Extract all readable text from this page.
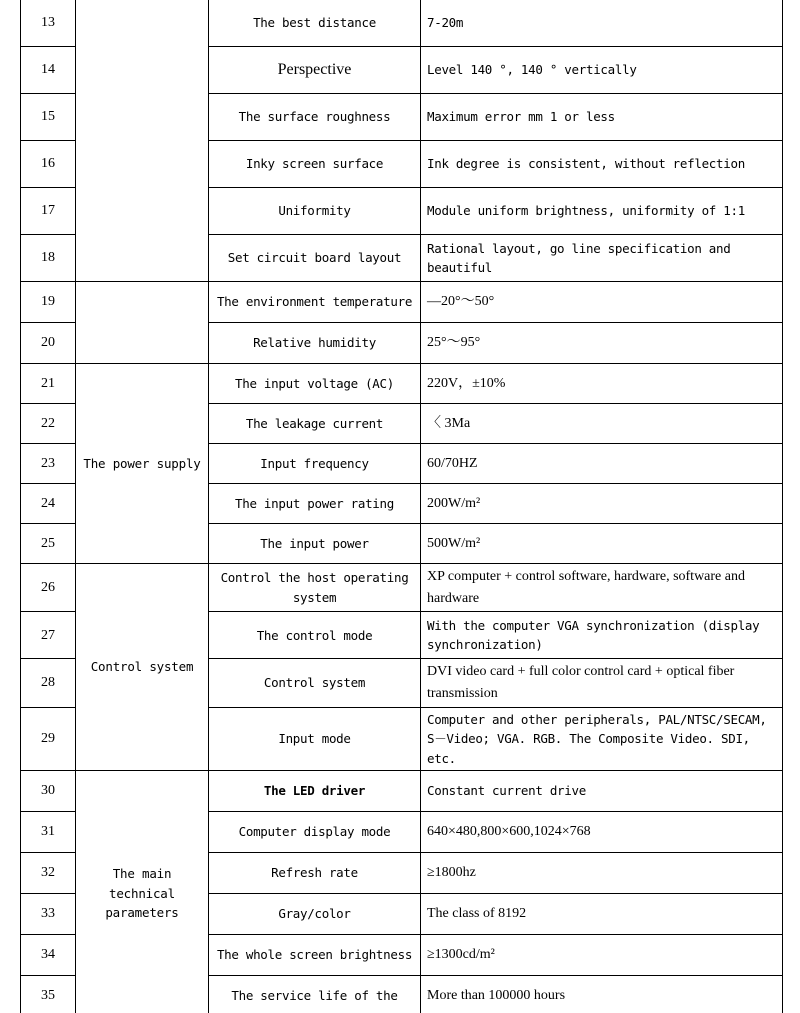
13		The best distance	7-20m
14		Perspective	Level 140 °, 140 ° vertically
15		The surface roughness	Maximum error mm 1 or less
16		Inky screen surface	Ink degree is consistent, without reflection
17		Uniformity	Module uniform brightness, uniformity of 1:1
18		Set circuit board layout	Rational layout, go line specification and beautiful
19		The environment temperature	—20°〜50°
20		Relative humidity	25°〜95°
21	The power supply	The input voltage (AC)	220V，±10%
22		The leakage current	〈 3Ma
23		Input frequency	60/70HZ
24		The input power rating	200W/m²
25		The input power	500W/m²
26	Control system	Control the host operating system	XP computer + control software, hardware, software and hardware
27		The control mode	With the computer VGA synchronization (display synchronization)
28		Control system	DVI video card + full color control card + optical fiber transmission
29		Input mode	Computer and other peripherals, PAL/NTSC/SECAM, S－Video; VGA. RGB. The Composite Video. SDI, etc.
30	The main technical parameters	The LED driver	Constant current drive
31		Computer display mode	640×480,800×600,1024×768
32		Refresh rate	≥1800hz
33		Gray/color	The class of 8192
34		The whole screen brightness	≥1300cd/m²
35		The service life of the	More than 100000 hours
